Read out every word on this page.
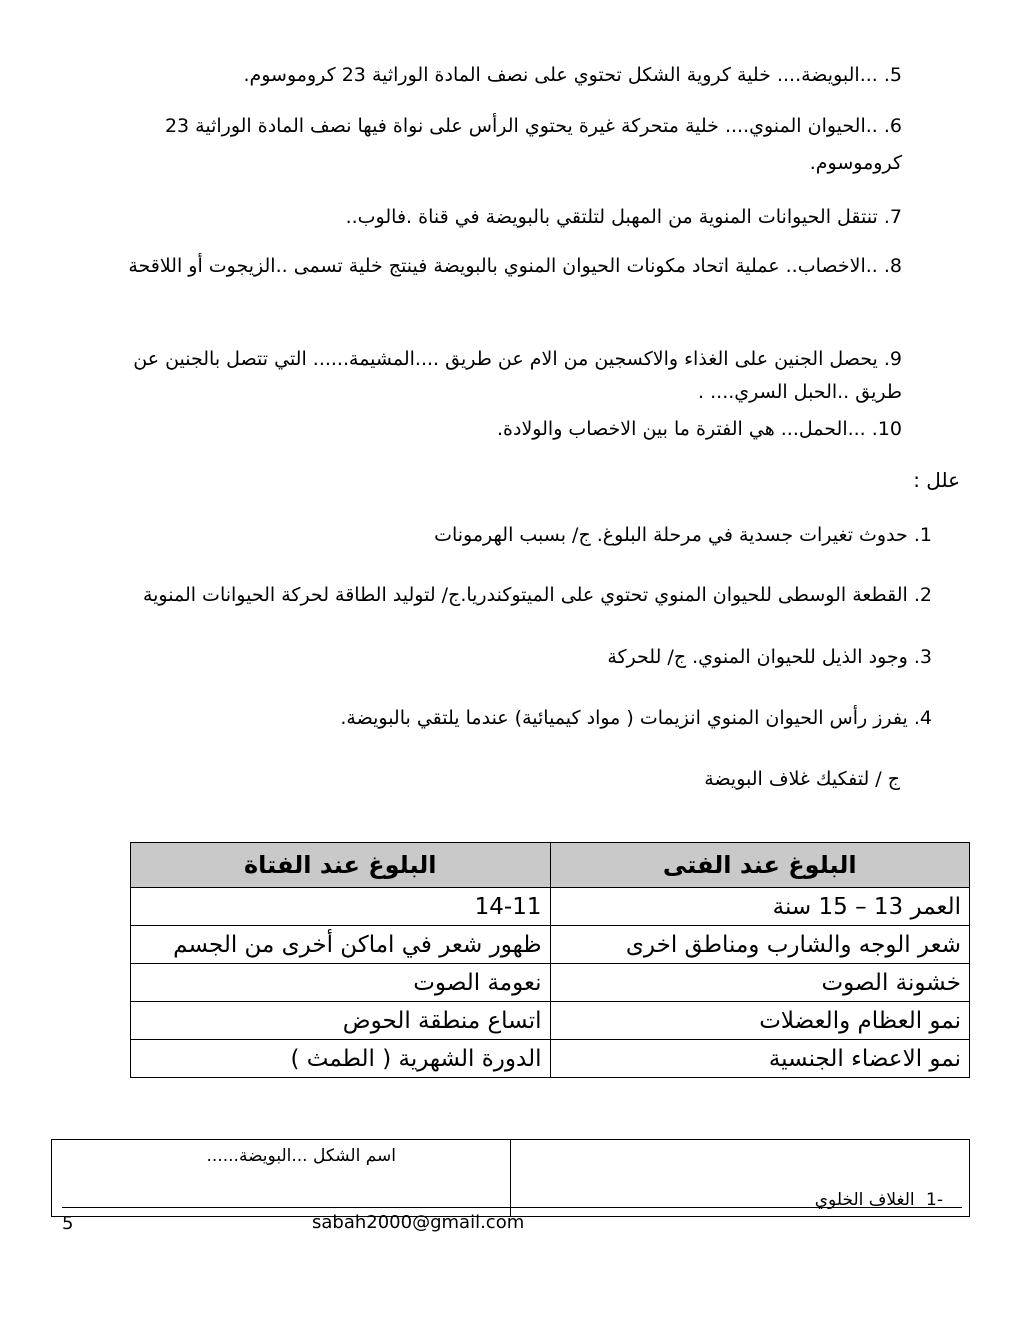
5. ...البويضة.... خلية كروية الشكل تحتوي على نصف المادة الوراثية 23 كروموسوم.
6. ..الحيوان المنوي.... خلية متحركة غيرة يحتوي الرأس على نواة فيها نصف المادة الوراثية 23 كروموسوم.
7. تنتقل الحيوانات المنوية من المهبل لتلتقي بالبويضة في قناة .فالوب..
8. ..الاخصاب.. عملية اتحاد مكونات الحيوان المنوي بالبويضة فينتج خلية تسمى ..الزيجوت أو اللاقحة
9. يحصل الجنين على الغذاء والاكسجين من الام عن طريق ....المشيمة...... التي تتصل بالجنين عن طريق ..الحبل السري.... .
10. ...الحمل... هي الفترة ما بين الاخصاب والولادة.
علل :
1. حدوث تغيرات جسدية في مرحلة البلوغ. ج/ بسبب الهرمونات
2. القطعة الوسطى للحيوان المنوي تحتوي على الميتوكندريا.ج/ لتوليد الطاقة لحركة الحيوانات المنوية
3. وجود الذيل للحيوان المنوي. ج/ للحركة
4. يفرز رأس الحيوان المنوي انزيمات ( مواد كيميائية) عندما يلتقي بالبويضة.
ج / لتفكيك غلاف البويضة
البلوغ عند الفتى	البلوغ عند الفتاة
العمر 13 – 15 سنة	14-11
شعر الوجه والشارب ومناطق اخرى	ظهور شعر في اماكن أخرى من الجسم
خشونة الصوت	نعومة الصوت
نمو العظام والعضلات	اتساع منطقة الحوض
نمو الاعضاء الجنسية	الدورة الشهرية ( الطمث )
-1 الغلاف الخلوي	اسم الشكل ...البويضة......
5	sabah2000@gmail.com
